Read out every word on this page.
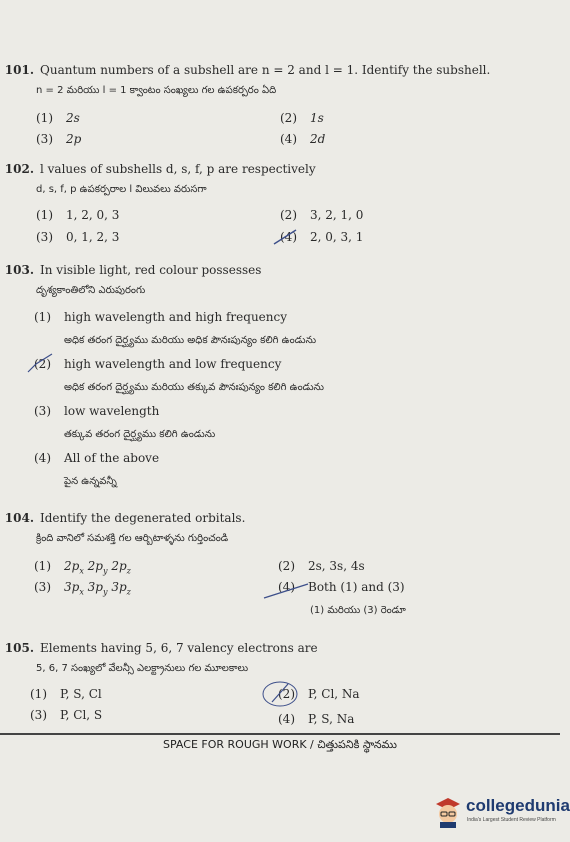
101. Quantum numbers of a subshell are n = 2 and l = 1. Identify the subshell.
n = 2 మరియు l = 1 క్వాంటం సంఖ్యలు గల ఉపకర్పరం ఏది
(1) 2s	(2) 1s
(3) 2p	(4) 2d
102. l values of subshells d, s, f, p are respectively
d, s, f, p ఉపకర్పరాల l విలువలు వరుసగా
(1) 1, 2, 0, 3	(2) 3, 2, 1, 0
(3) 0, 1, 2, 3	(4) 2, 0, 3, 1
103. In visible light, red colour possesses
దృశ్యకాంతిలోని ఎరుపురంగు
(1) high wavelength and high frequency
అధిక తరంగ దైర్ఘ్యము మరియు అధిక పౌనఃపున్యం కలిగి ఉండును
(2) high wavelength and low frequency
అధిక తరంగ దైర్ఘ్యము మరియు తక్కువ పౌనఃపున్యం కలిగి ఉండును
(3) low wavelength
తక్కువ తరంగ దైర్ఘ్యము కలిగి ఉండును
(4) All of the above
పైన ఉన్నవన్నీ
104. Identify the degenerated orbitals.
క్రింది వానిలో సమశక్తి గల ఆర్బిటాళ్ళను గుర్తించండి
(1) $2p_x$ $2p_y$ $2p_z$	(2) 2s, 3s, 4s
(3) $3p_x$ $3p_y$ $3p_z$	(4) Both (1) and (3)
(1) మరియు (3) రెండూ
105. Elements having 5, 6, 7 valency electrons are
5, 6, 7 సంఖ్యలో వేలన్సీ ఎలక్ట్రానులు గల మూలకాలు
(1) P, S, Cl	(2) P, Cl, Na
(3) P, Cl, S	(4) P, S, Na
SPACE FOR ROUGH WORK / చిత్తుపనికి స్థానము
collegedunia
India's Largest Student Review Platform
